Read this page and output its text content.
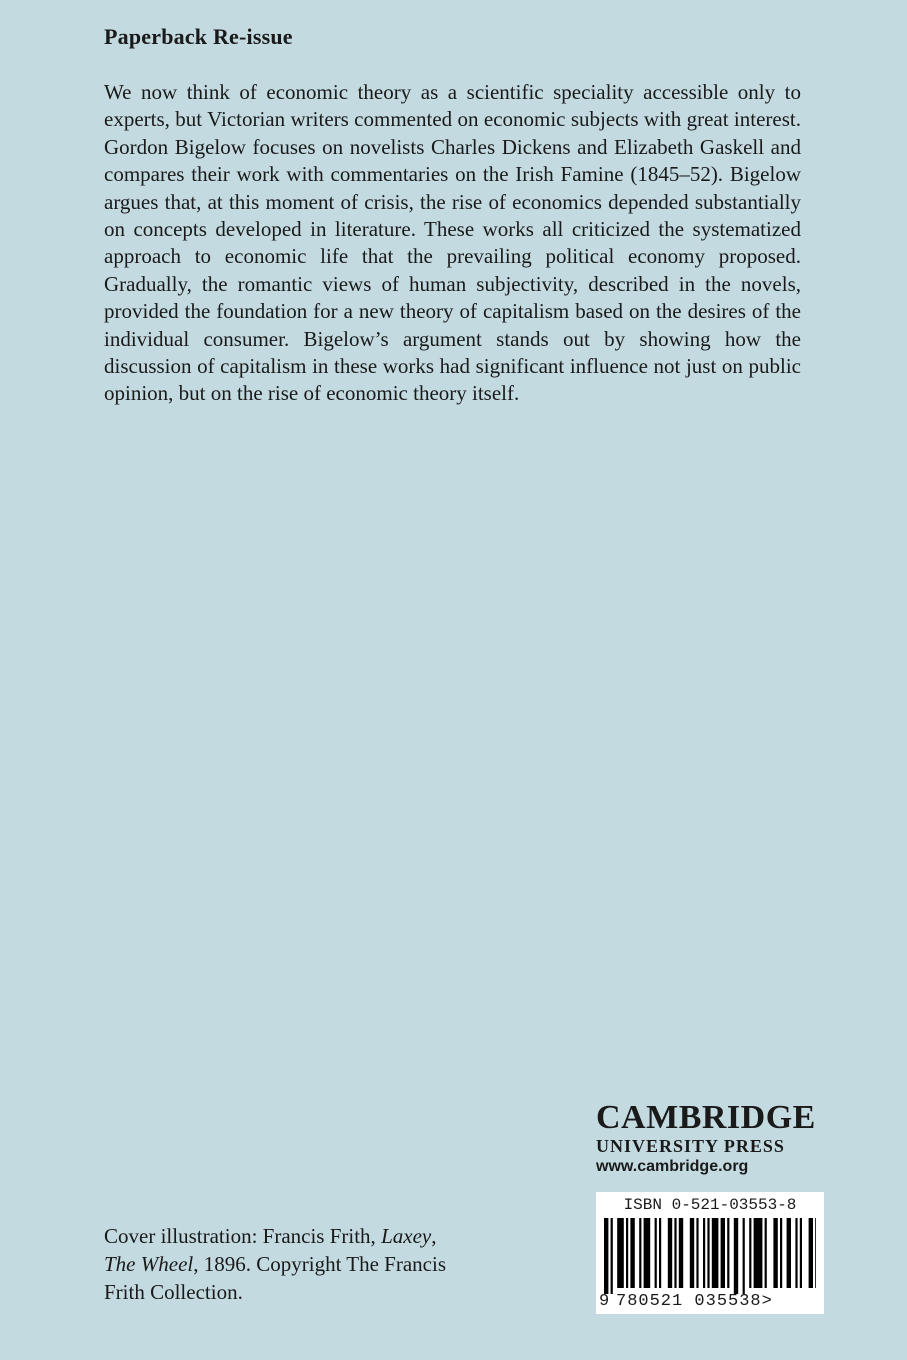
Paperback Re-issue

We now think of economic theory as a scientific speciality accessible only to experts, but Victorian writers commented on economic subjects with great interest. Gordon Bigelow focuses on novelists Charles Dickens and Elizabeth Gaskell and compares their work with commentaries on the Irish Famine (1845–52). Bigelow argues that, at this moment of crisis, the rise of economics depended substantially on concepts developed in literature. These works all criticized the systematized approach to economic life that the prevailing political economy proposed. Gradually, the romantic views of human subjectivity, described in the novels, provided the foundation for a new theory of capitalism based on the desires of the individual consumer. Bigelow’s argument stands out by showing how the discussion of capitalism in these works had significant influence not just on public opinion, but on the rise of economic theory itself.

Cover illustration: Francis Frith, Laxey,
The Wheel, 1896. Copyright The Francis Frith Collection.

CAMBRIDGE
UNIVERSITY PRESS
www.cambridge.org
ISBN 0-521-03553-8
9 780521 035538>
